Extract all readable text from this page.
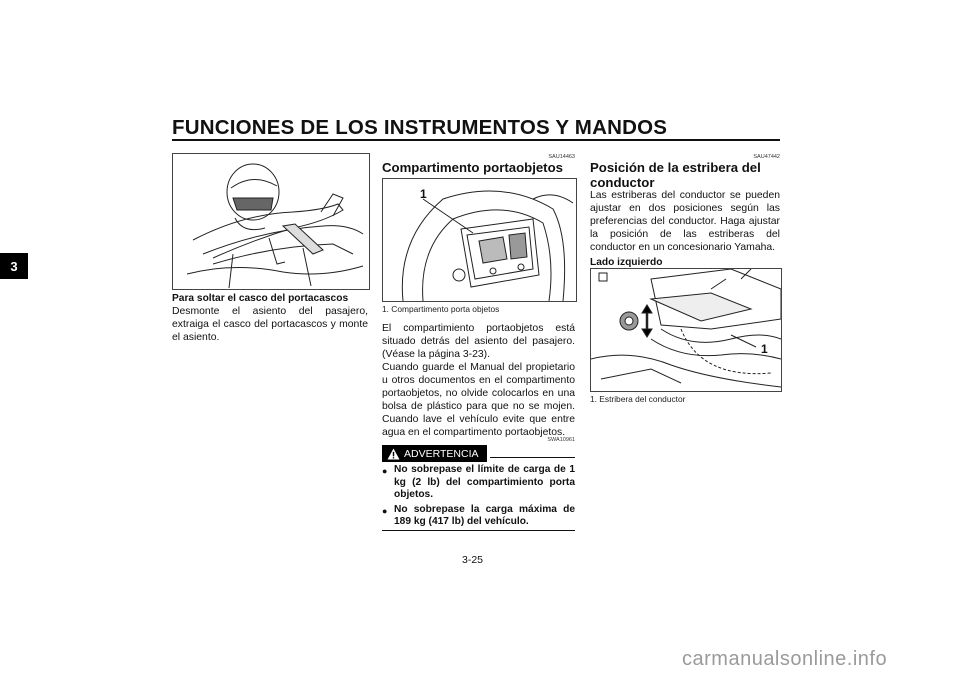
FUNCIONES DE LOS INSTRUMENTOS Y MANDOS
3
Para soltar el casco del portacascos
Desmonte el asiento del pasajero, extraiga el casco del portacascos y monte el asiento.
SAU14463
Compartimento portaobjetos
1
1. Compartimento porta objetos
El compartimiento portaobjetos está situado detrás del asiento del pasajero. (Véase la página 3-23).
Cuando guarde el Manual del propietario u otros documentos en el compartimento portaobjetos, no olvide colocarlos en una bolsa de plástico para que no se mojen. Cuando lave el vehículo evite que entre agua en el compartimento portaobjetos.
SWA10961
ADVERTENCIA
● No sobrepase el límite de carga de 1 kg (2 lb) del compartimiento porta objetos.
● No sobrepase la carga máxima de 189 kg (417 lb) del vehículo.
SAU47442
Posición de la estribera del conductor
Las estriberas del conductor se pueden ajustar en dos posiciones según las preferencias del conductor. Haga ajustar la posición de las estriberas del conductor en un concesionario Yamaha.
Lado izquierdo
1
1. Estribera del conductor
3-25
carmanualsonline.info
